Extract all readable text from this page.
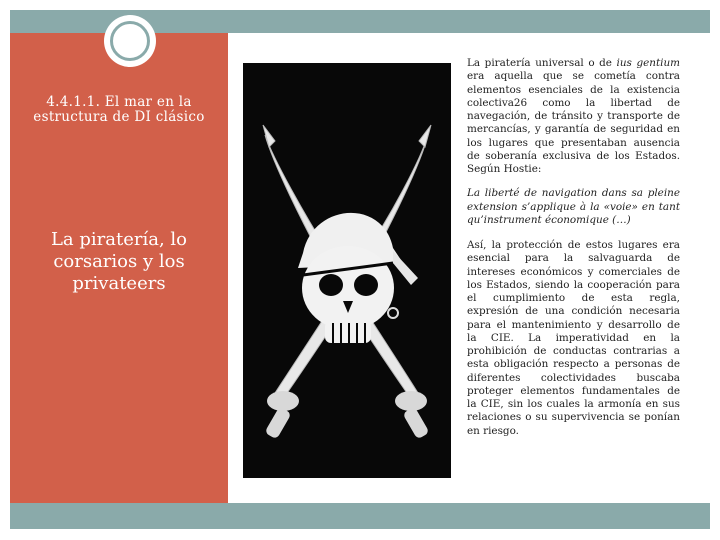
4.4.1.1. El mar en la estructura de DI clásico
La piratería, lo corsarios y los privateers

La piratería universal o de ius gentium era aquella que se cometía contra elementos esenciales de la existencia colectiva26 como la libertad de navegación, de tránsito y transporte de mercancías, y garantía de seguridad en los lugares que presentaban ausencia de soberanía exclusiva de los Estados. Según Hostie:

La liberté de navigation dans sa pleine extension s’applique à la «voie» en tant qu’instrument économique (…)

Así, la protección de estos lugares era esencial para la salvaguarda de intereses económicos y comerciales de los Estados, siendo la cooperación para el cumplimiento de esta regla, expresión de una condición necesaria para el mantenimiento y desarrollo de la CIE. La imperatividad en la prohibición de conductas contrarias a esta obligación respecto a personas de diferentes colectividades buscaba proteger elementos fundamentales de la CIE, sin los cuales la armonía en sus relaciones o su supervivencia se ponían en riesgo.
